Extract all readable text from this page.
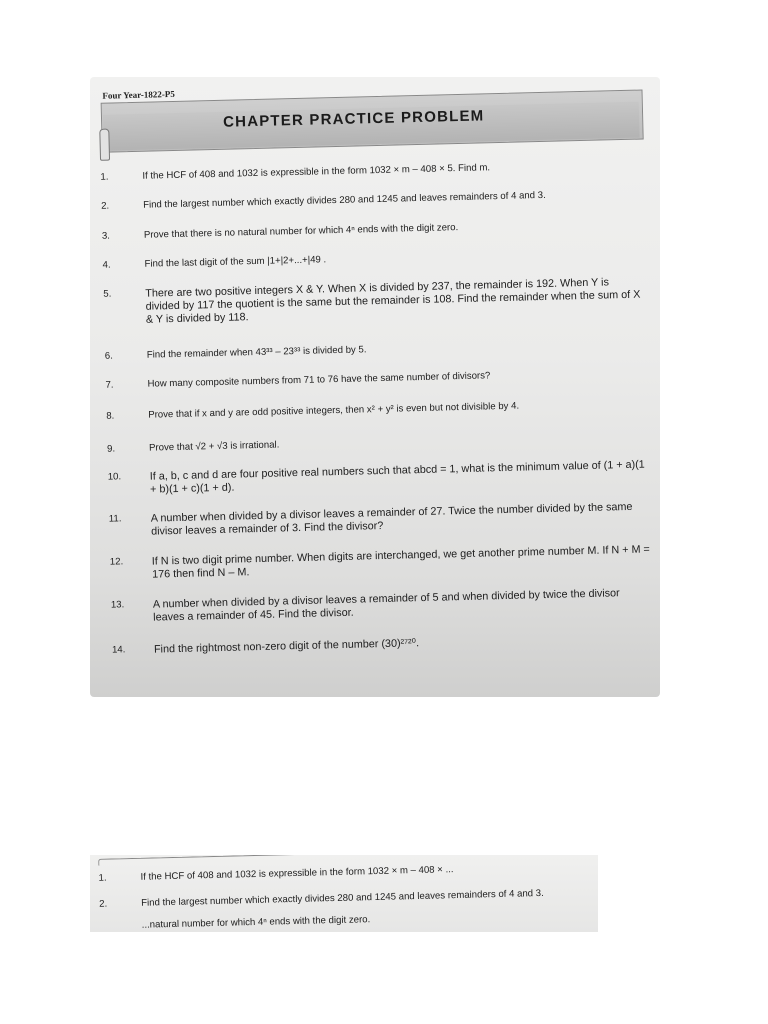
Four Year-1822-P5
CHAPTER PRACTICE PROBLEM
1.	If the HCF of 408 and 1032 is expressible in the form 1032 × m – 408 × 5. Find m.
2.	Find the largest number which exactly divides 280 and 1245 and leaves remainders of 4 and 3.
3.	Prove that there is no natural number for which 4ⁿ ends with the digit zero.
4.	Find the last digit of the sum |1+|2+...+|49 .
5.	There are two positive integers X & Y. When X is divided by 237, the remainder is 192. When Y is divided by 117 the quotient is the same but the remainder is 108. Find the remainder when the sum of X & Y is divided by 118.
6.	Find the remainder when 43³³ – 23³³ is divided by 5.
7.	How many composite numbers from 71 to 76 have the same number of divisors?
8.	Prove that if x and y are odd positive integers, then x² + y² is even but not divisible by 4.
9.	Prove that √2 + √3 is irrational.
10.	If a, b, c and d are four positive real numbers such that abcd = 1, what is the minimum value of (1 + a)(1 + b)(1 + c)(1 + d).
11.	A number when divided by a divisor leaves a remainder of 27. Twice the number divided by the same divisor leaves a remainder of 3. Find the divisor?
12.	If N is two digit prime number. When digits are interchanged, we get another prime number M. If N + M = 176 then find N – M.
13.	A number when divided by a divisor leaves a remainder of 5 and when divided by twice the divisor leaves a remainder of 45. Find the divisor.
14.	Find the rightmost non-zero digit of the number (30)²⁷²⁰.
1.	If the HCF of 408 and 1032 is expressible in the form 1032 × m – 408 × ...
2.	Find the largest number which exactly divides 280 and 1245 and leaves remainders of 4 and 3.
...natural number for which 4ⁿ ends with the digit zero.
